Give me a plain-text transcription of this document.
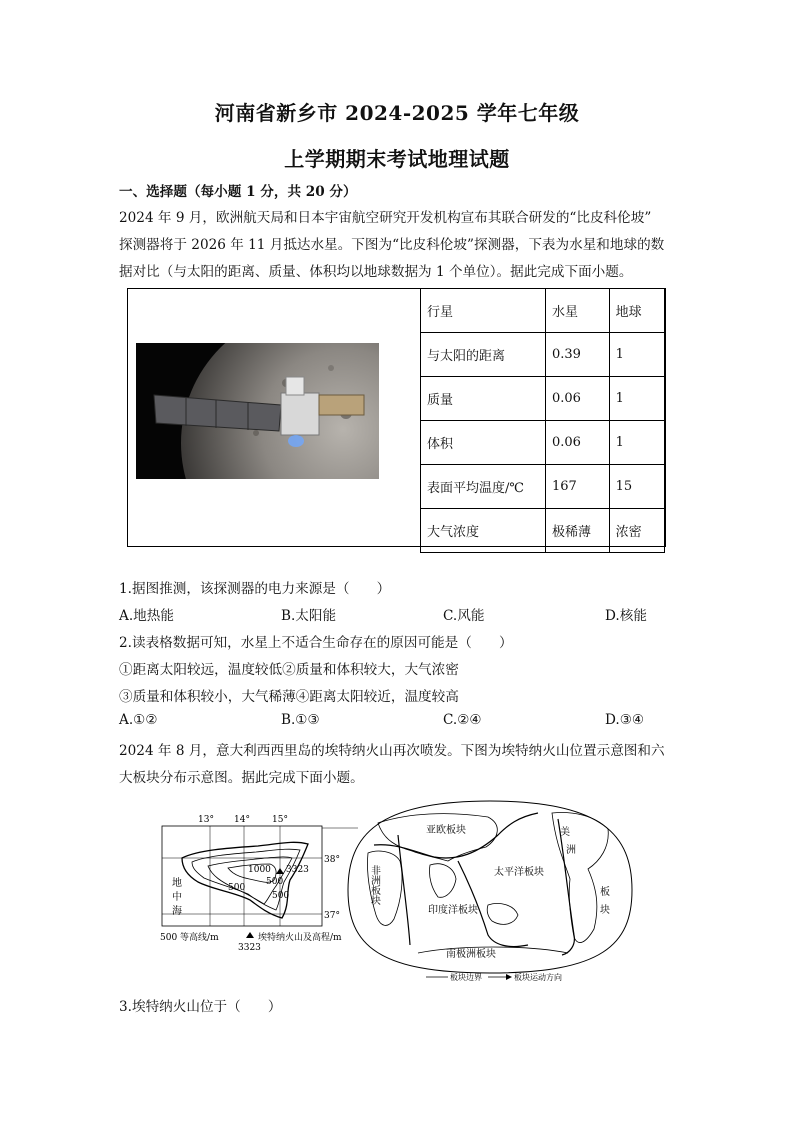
河南省新乡市 2024-2025 学年七年级
上学期期末考试地理试题
一、选择题（每小题 1 分，共 20 分）
2024 年 9 月，欧洲航天局和日本宇宙航空研究开发机构宣布其联合研发的“比皮科伦坡”
探测器将于 2026 年 11 月抵达水星。下图为“比皮科伦坡”探测器，下表为水星和地球的数
据对比（与太阳的距离、质量、体积均以地球数据为 1 个单位）。据此完成下面小题。
行星	水星	地球
与太阳的距离	0.39	1
质量	0.06	1
体积	0.06	1
表面平均温度/℃	167	15
大气浓度	极稀薄	浓密
1.据图推测，该探测器的电力来源是（　　）
A.地热能	B.太阳能	C.风能	D.核能
2.读表格数据可知，水星上不适合生命存在的原因可能是（　　）
①距离太阳较远，温度较低②质量和体积较大，大气浓密
③质量和体积较小，大气稀薄④距离太阳较近，温度较高
A.①②	B.①③	C.②④	D.③④
2024 年 8 月，意大利西西里岛的埃特纳火山再次喷发。下图为埃特纳火山位置示意图和六
大板块分布示意图。据此完成下面小题。
13° 14° 15°
38°
37°
地
中
海
1000
500
500
500
3323
500 等高线/m
3323
埃特纳火山及高程/m
亚欧板块
太平洋板块
印度洋板块
南极洲板块
美
洲
板
块
非洲板块
板块边界	板块运动方向
3.埃特纳火山位于（　　）
